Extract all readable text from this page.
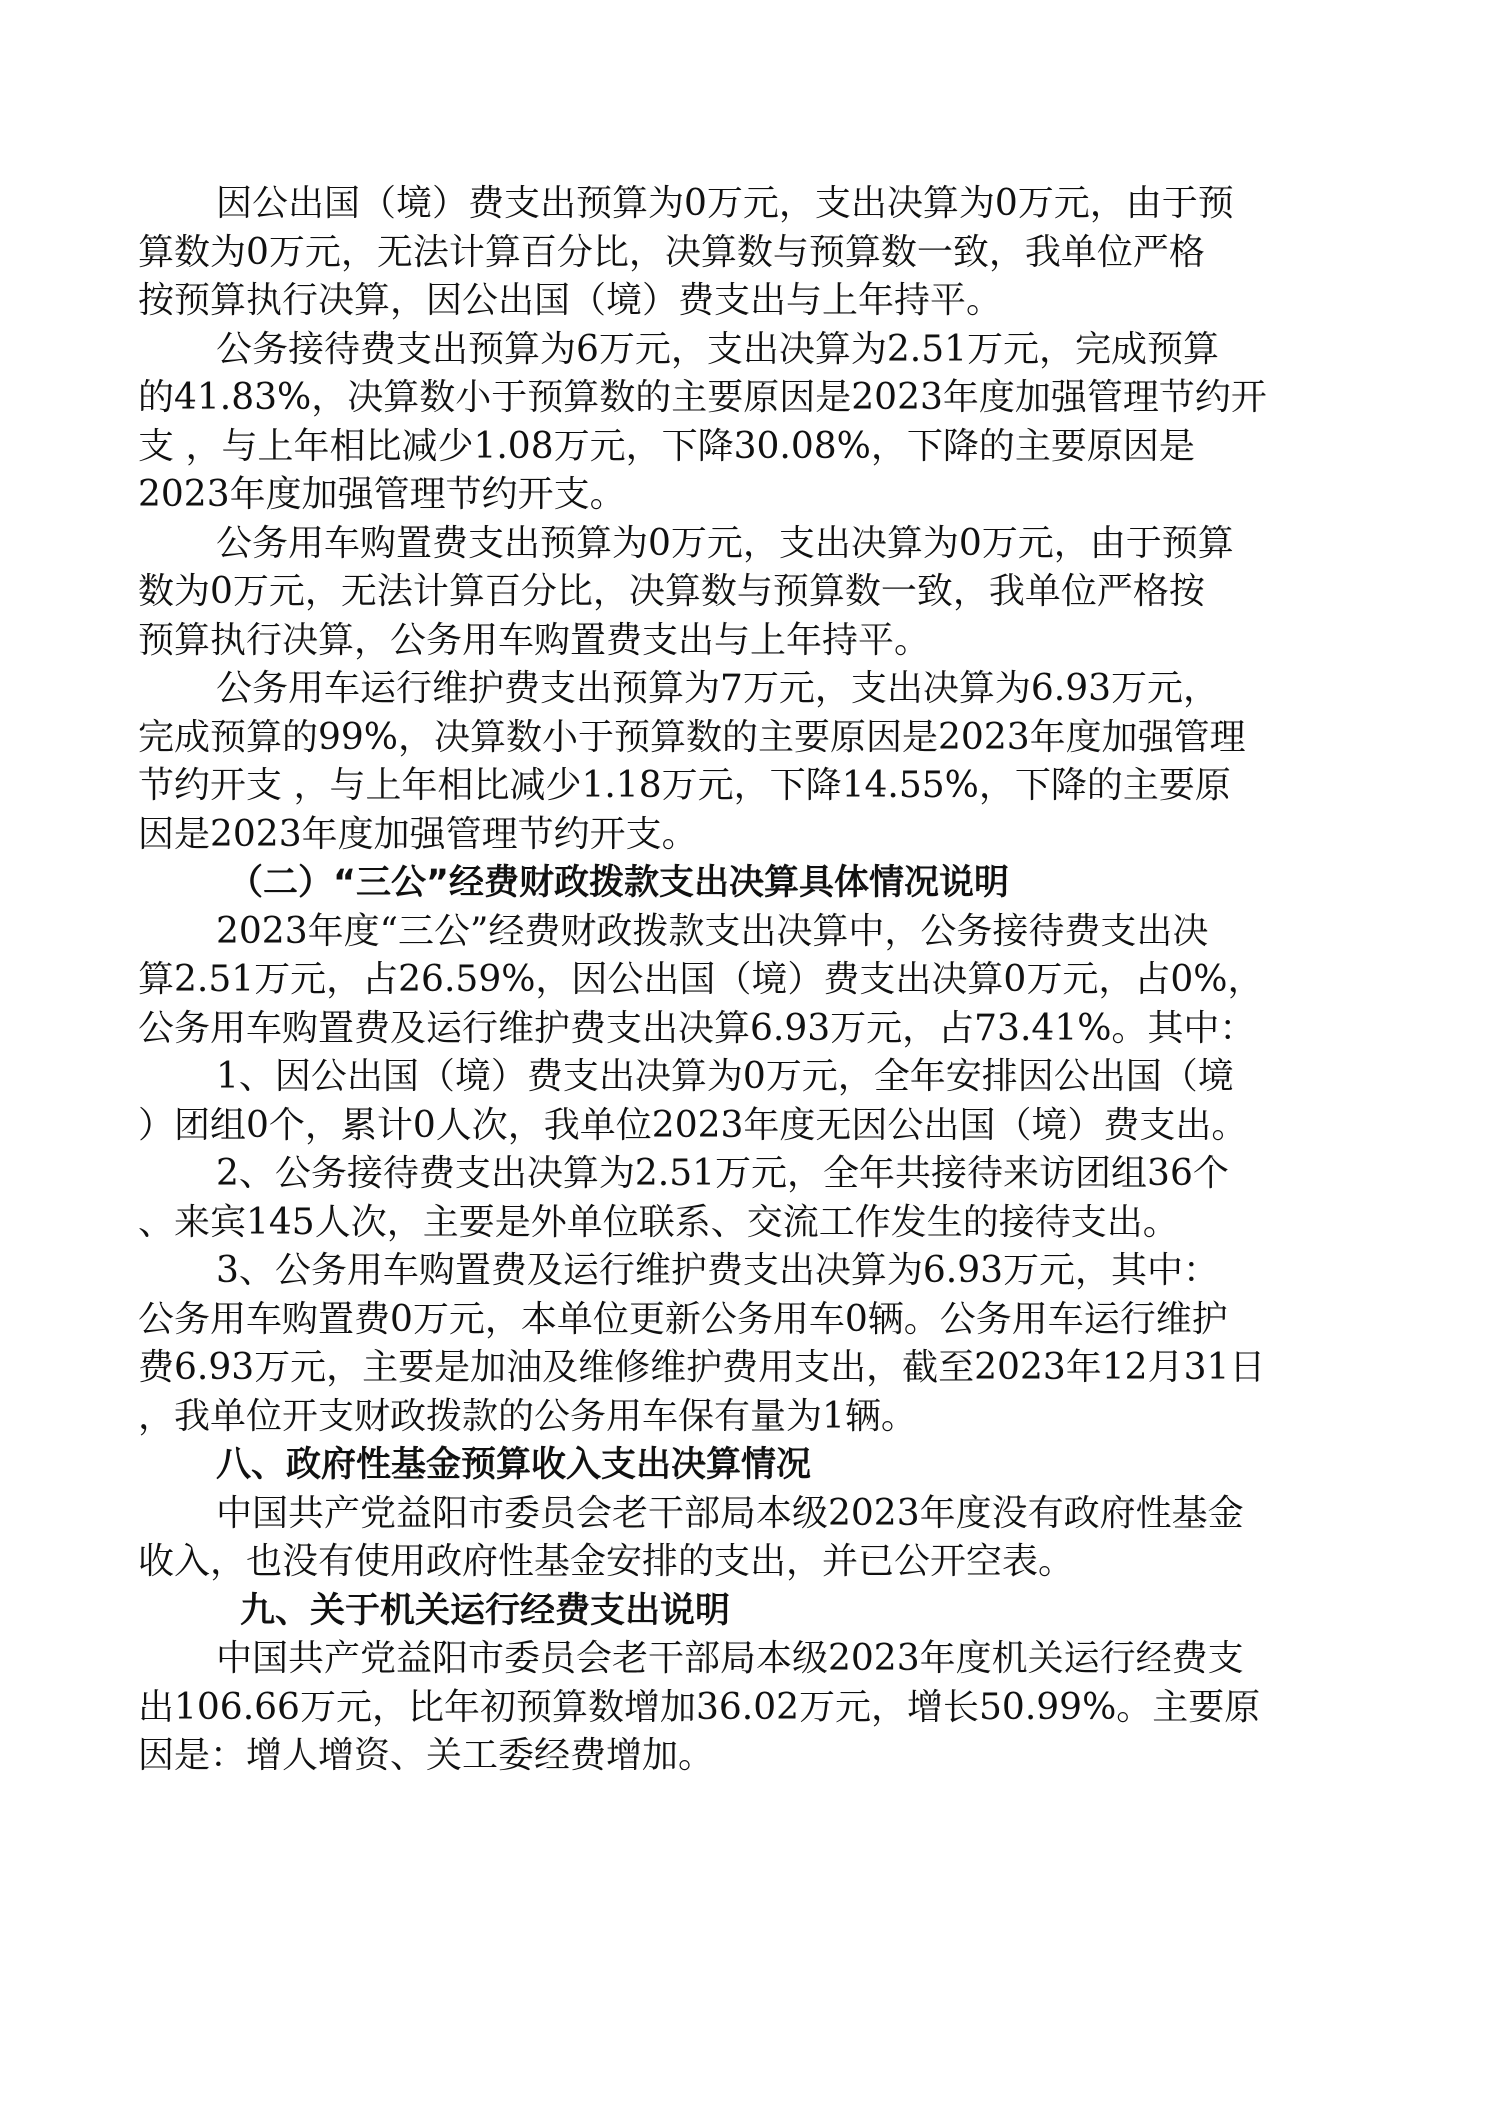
因公出国（境）费支出预算为0万元，支出决算为0万元，由于预
算数为0万元，无法计算百分比，决算数与预算数一致，我单位严格
按预算执行决算，因公出国（境）费支出与上年持平。
公务接待费支出预算为6万元，支出决算为2.51万元，完成预算
的41.83%，决算数小于预算数的主要原因是2023年度加强管理节约开
支 ，与上年相比减少1.08万元，下降30.08%，下降的主要原因是
2023年度加强管理节约开支。
公务用车购置费支出预算为0万元，支出决算为0万元，由于预算
数为0万元，无法计算百分比，决算数与预算数一致，我单位严格按
预算执行决算，公务用车购置费支出与上年持平。
公务用车运行维护费支出预算为7万元，支出决算为6.93万元，
完成预算的99%，决算数小于预算数的主要原因是2023年度加强管理
节约开支 ，与上年相比减少1.18万元，下降14.55%，下降的主要原
因是2023年度加强管理节约开支。
（二）“三公”经费财政拨款支出决算具体情况说明
2023年度“三公”经费财政拨款支出决算中，公务接待费支出决
算2.51万元，占26.59%，因公出国（境）费支出决算0万元，占0%，
公务用车购置费及运行维护费支出决算6.93万元，占73.41%。其中：
1、因公出国（境）费支出决算为0万元，全年安排因公出国（境
）团组0个，累计0人次，我单位2023年度无因公出国（境）费支出。
2、公务接待费支出决算为2.51万元，全年共接待来访团组36个
、来宾145人次，主要是外单位联系、交流工作发生的接待支出。
3、公务用车购置费及运行维护费支出决算为6.93万元，其中：
公务用车购置费0万元，本单位更新公务用车0辆。公务用车运行维护
费6.93万元，主要是加油及维修维护费用支出，截至2023年12月31日
，我单位开支财政拨款的公务用车保有量为1辆。
八、政府性基金预算收入支出决算情况
中国共产党益阳市委员会老干部局本级2023年度没有政府性基金
收入，也没有使用政府性基金安排的支出，并已公开空表。
九、关于机关运行经费支出说明
中国共产党益阳市委员会老干部局本级2023年度机关运行经费支
出106.66万元，比年初预算数增加36.02万元，增长50.99%。主要原
因是：增人增资、关工委经费增加。
